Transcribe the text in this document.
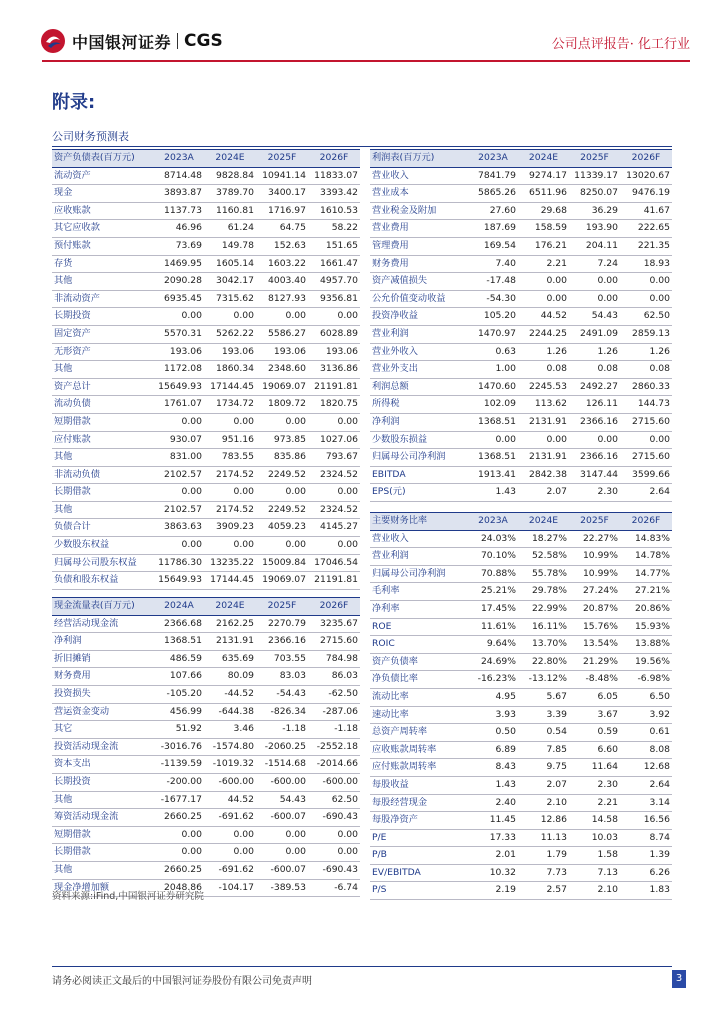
中国银河证券 CGS	公司点评报告· 化工行业
附录:
公司财务预测表
资产负债表(百万元)	2023A	2024E	2025F	2026F
流动资产	8714.48	9828.84	10941.14	11833.07
现金	3893.87	3789.70	3400.17	3393.42
应收账款	1137.73	1160.81	1716.97	1610.53
其它应收款	46.96	61.24	64.75	58.22
预付账款	73.69	149.78	152.63	151.65
存货	1469.95	1605.14	1603.22	1661.47
其他	2090.28	3042.17	4003.40	4957.70
非流动资产	6935.45	7315.62	8127.93	9356.81
长期投资	0.00	0.00	0.00	0.00
固定资产	5570.31	5262.22	5586.27	6028.89
无形资产	193.06	193.06	193.06	193.06
其他	1172.08	1860.34	2348.60	3136.86
资产总计	15649.93	17144.45	19069.07	21191.81
流动负债	1761.07	1734.72	1809.72	1820.75
短期借款	0.00	0.00	0.00	0.00
应付账款	930.07	951.16	973.85	1027.06
其他	831.00	783.55	835.86	793.67
非流动负债	2102.57	2174.52	2249.52	2324.52
长期借款	0.00	0.00	0.00	0.00
其他	2102.57	2174.52	2249.52	2324.52
负债合计	3863.63	3909.23	4059.23	4145.27
少数股东权益	0.00	0.00	0.00	0.00
归属母公司股东权益	11786.30	13235.22	15009.84	17046.54
负债和股东权益	15649.93	17144.45	19069.07	21191.81
利润表(百万元)	2023A	2024E	2025F	2026F
营业收入	7841.79	9274.17	11339.17	13020.67
营业成本	5865.26	6511.96	8250.07	9476.19
营业税金及附加	27.60	29.68	36.29	41.67
营业费用	187.69	158.59	193.90	222.65
管理费用	169.54	176.21	204.11	221.35
财务费用	7.40	2.21	7.24	18.93
资产减值损失	-17.48	0.00	0.00	0.00
公允价值变动收益	-54.30	0.00	0.00	0.00
投资净收益	105.20	44.52	54.43	62.50
营业利润	1470.97	2244.25	2491.09	2859.13
营业外收入	0.63	1.26	1.26	1.26
营业外支出	1.00	0.08	0.08	0.08
利润总额	1470.60	2245.53	2492.27	2860.33
所得税	102.09	113.62	126.11	144.73
净利润	1368.51	2131.91	2366.16	2715.60
少数股东损益	0.00	0.00	0.00	0.00
归属母公司净利润	1368.51	2131.91	2366.16	2715.60
EBITDA	1913.41	2842.38	3147.44	3599.66
EPS(元)	1.43	2.07	2.30	2.64
主要财务比率	2023A	2024E	2025F	2026F
营业收入	24.03%	18.27%	22.27%	14.83%
营业利润	70.10%	52.58%	10.99%	14.78%
归属母公司净利润	70.88%	55.78%	10.99%	14.77%
毛利率	25.21%	29.78%	27.24%	27.21%
净利率	17.45%	22.99%	20.87%	20.86%
ROE	11.61%	16.11%	15.76%	15.93%
ROIC	9.64%	13.70%	13.54%	13.88%
资产负债率	24.69%	22.80%	21.29%	19.56%
净负债比率	-16.23%	-13.12%	-8.48%	-6.98%
流动比率	4.95	5.67	6.05	6.50
速动比率	3.93	3.39	3.67	3.92
总资产周转率	0.50	0.54	0.59	0.61
应收账款周转率	6.89	7.85	6.60	8.08
应付账款周转率	8.43	9.75	11.64	12.68
每股收益	1.43	2.07	2.30	2.64
每股经营现金	2.40	2.10	2.21	3.14
每股净资产	11.45	12.86	14.58	16.56
P/E	17.33	11.13	10.03	8.74
P/B	2.01	1.79	1.58	1.39
EV/EBITDA	10.32	7.73	7.13	6.26
P/S	2.19	2.57	2.10	1.83
现金流量表(百万元)	2024A	2024E	2025F	2026F
经营活动现金流	2366.68	2162.25	2270.79	3235.67
净利润	1368.51	2131.91	2366.16	2715.60
折旧摊销	486.59	635.69	703.55	784.98
财务费用	107.66	80.09	83.03	86.03
投资损失	-105.20	-44.52	-54.43	-62.50
营运资金变动	456.99	-644.38	-826.34	-287.06
其它	51.92	3.46	-1.18	-1.18
投资活动现金流	-3016.76	-1574.80	-2060.25	-2552.18
资本支出	-1139.59	-1019.32	-1514.68	-2014.66
长期投资	-200.00	-600.00	-600.00	-600.00
其他	-1677.17	44.52	54.43	62.50
筹资活动现金流	2660.25	-691.62	-600.07	-690.43
短期借款	0.00	0.00	0.00	0.00
长期借款	0.00	0.00	0.00	0.00
其他	2660.25	-691.62	-600.07	-690.43
现金净增加额	2048.86	-104.17	-389.53	-6.74
资料来源:iFind,中国银河证券研究院
请务必阅读正文最后的中国银河证券股份有限公司免责声明	3
